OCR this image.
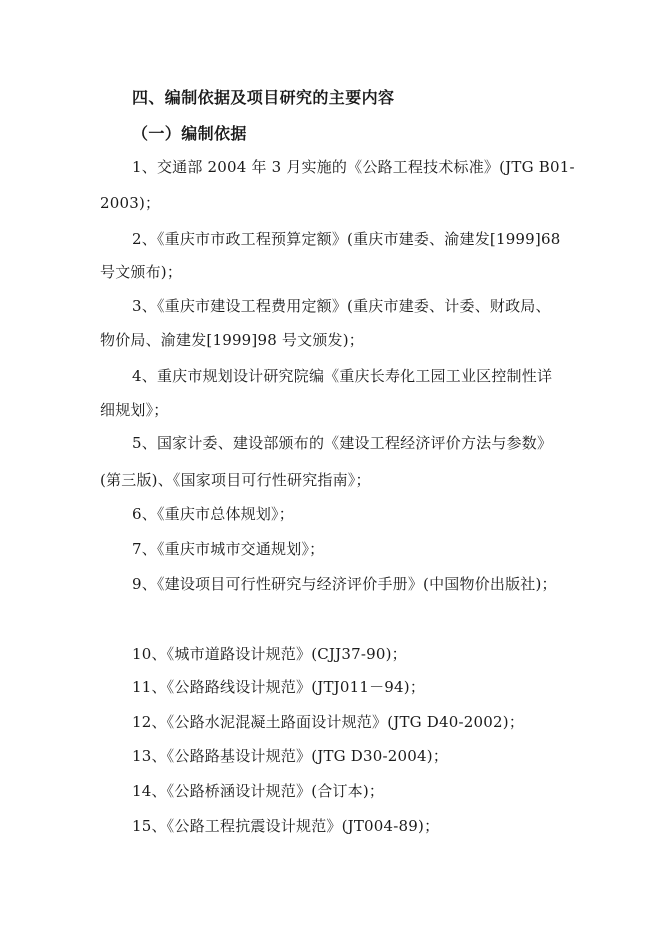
四、编制依据及项目研究的主要内容
（一）编制依据
1、交通部 2004 年 3 月实施的《公路工程技术标准》(JTG B01-
2003)；
2、《重庆市市政工程预算定额》(重庆市建委、渝建发[1999]68
号文颁布)；
3、《重庆市建设工程费用定额》(重庆市建委、计委、财政局、
物价局、渝建发[1999]98 号文颁发)；
4、重庆市规划设计研究院编《重庆长寿化工园工业区控制性详
细规划》；
5、国家计委、建设部颁布的《建设工程经济评价方法与参数》
(第三版)、《国家项目可行性研究指南》；
6、《重庆市总体规划》；
7、《重庆市城市交通规划》；
9、《建设项目可行性研究与经济评价手册》(中国物价出版社)；
10、《城市道路设计规范》(CJJ37-90)；
11、《公路路线设计规范》(JTJ011－94)；
12、《公路水泥混凝土路面设计规范》(JTG D40-2002)；
13、《公路路基设计规范》(JTG D30-2004)；
14、《公路桥涵设计规范》(合订本)；
15、《公路工程抗震设计规范》(JT004-89)；
